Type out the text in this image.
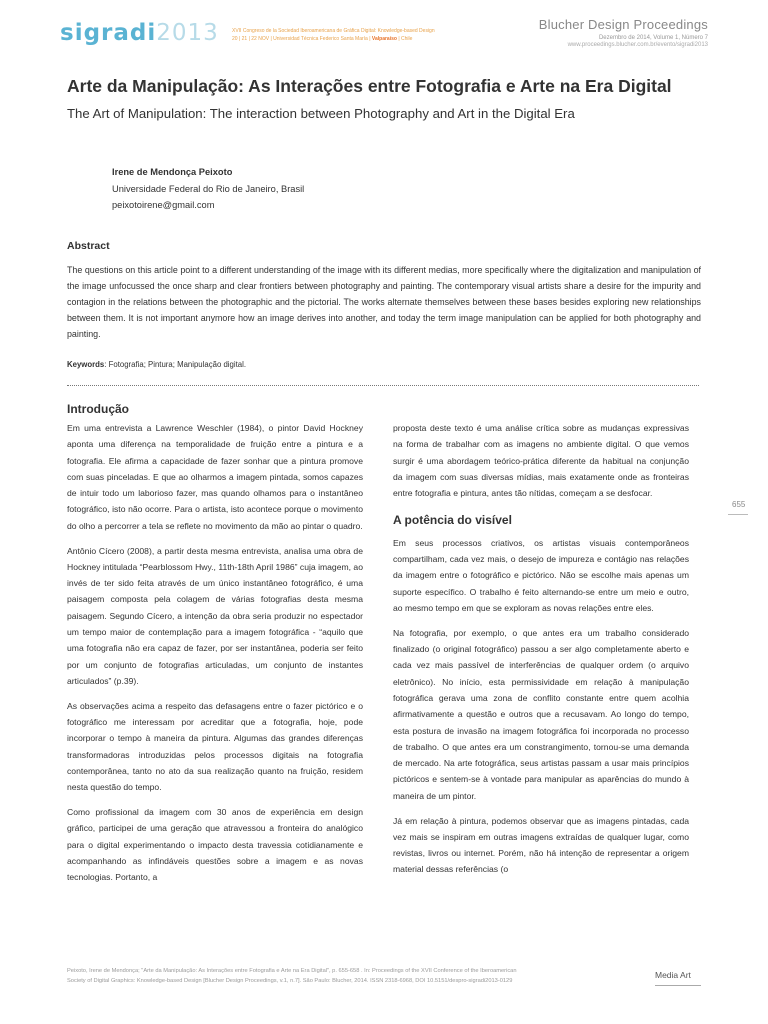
sigradi2013	XVII Congreso de la Sociedad Iberoamericana de Gráfica Digital: Knowledge-based Design
20 | 21 | 22 NOV | Universidad Técnica Federico Santa María | Valparaíso | Chile
Blucher Design Proceedings
Dezembro de 2014, Volume 1, Número 7
www.proceedings.blucher.com.br/evento/sigradi2013
Arte da Manipulação: As Interações entre Fotografia e Arte na Era Digital
The Art of Manipulation: The interaction between Photography and Art in the Digital Era
Irene de Mendonça Peixoto
Universidade Federal do Rio de Janeiro, Brasil
peixotoirene@gmail.com
Abstract
The questions on this article point to a different understanding of the image with its different medias, more specifically where the digitalization and manipulation of the image unfocussed the once sharp and clear frontiers between photography and painting. The contemporary visual artists share a desire for the impurity and contagion in the relations between the photographic and the pictorial. The works alternate themselves between these bases besides exploring new relationships between them. It is not important anymore how an image derives into another, and today the term image manipulation can be applied for both photography and painting.
Keywords: Fotografia; Pintura; Manipulação digital.
Introdução

Em uma entrevista a Lawrence Weschler (1984), o pintor David Hockney aponta uma diferença na temporalidade de fruição entre a pintura e a fotografia. Ele afirma a capacidade de fazer sonhar que a pintura promove com suas pinceladas. E que ao olharmos a imagem pintada, somos capazes de intuir todo um laborioso fazer, mas quando olhamos para o instantâneo fotográfico, isto não ocorre. Para o artista, isto acontece porque o movimento do olho a percorrer a tela se reflete no movimento da mão ao pintar o quadro.

Antônio Cícero (2008), a partir desta mesma entrevista, analisa uma obra de Hockney intitulada “Pearblossom Hwy., 11th-18th April 1986” cuja imagem, ao invés de ter sido feita através de um único instantâneo fotográfico, é uma paisagem composta pela colagem de várias fotografias desta mesma paisagem. Segundo Cícero, a intenção da obra seria produzir no espectador um tempo maior de contemplação para a imagem fotográfica - “aquilo que uma fotografia não era capaz de fazer, por ser instantânea, poderia ser feito por um conjunto de fotografias articuladas, um conjunto de instantes articulados” (p.39).

As observações acima a respeito das defasagens entre o fazer pictórico e o fotográfico me interessam por acreditar que a fotografia, hoje, pode incorporar o tempo à maneira da pintura. Algumas das grandes diferenças transformadoras introduzidas pelos processos digitais na fotografia contemporânea, tanto no ato da sua realização quanto na fruição, residem nesta questão do tempo.

Como profissional da imagem com 30 anos de experiência em design gráfico, participei de uma geração que atravessou a fronteira do analógico para o digital experimentando o impacto desta travessia cotidianamente e acompanhando as infindáveis questões sobre a imagem e as novas tecnologias. Portanto, a

proposta deste texto é uma análise crítica sobre as mudanças expressivas na forma de trabalhar com as imagens no ambiente digital. O que vemos surgir é uma abordagem teórico-prática diferente da habitual na conjunção da imagem com suas diversas mídias, mais exatamente onde as fronteiras entre fotografia e pintura, antes tão nítidas, começam a se desfocar.

A potência do visível

Em seus processos criativos, os artistas visuais contemporâneos compartilham, cada vez mais, o desejo de impureza e contágio nas relações da imagem entre o fotográfico e pictórico. Não se escolhe mais apenas um suporte específico. O trabalho é feito alternando-se entre um meio e outro, ao mesmo tempo em que se exploram as novas relações entre eles.

Na fotografia, por exemplo, o que antes era um trabalho considerado finalizado (o original fotográfico) passou a ser algo completamente aberto e cada vez mais passível de interferências de qualquer ordem (o arquivo eletrônico). No início, esta permissividade em relação à manipulação fotográfica gerava uma zona de conflito constante entre quem acolhia afirmativamente a questão e outros que a recusavam. Ao longo do tempo, esta postura de invasão na imagem fotográfica foi incorporada no processo de trabalho. O que antes era um constrangimento, tornou-se uma demanda de mercado. Na arte fotográfica, seus artistas passam a usar mais princípios pictóricos e sentem-se à vontade para manipular as aparências do mundo à maneira de um pintor.

Já em relação à pintura, podemos observar que as imagens pintadas, cada vez mais se inspiram em outras imagens extraídas de qualquer lugar, como revistas, livros ou internet. Porém, não há intenção de representar a origem material dessas referências (o

655
Peixoto, Irene de Mendonça; "Arte da Manipulação: As Interações entre Fotografia e Arte na Era Digital", p. 655-658 . In: Proceedings of the XVII Conference of the Iberoamerican Society of Digital Graphics: Knowledge-based Design [Blucher Design Proceedings, v.1, n.7]. São Paulo: Blucher, 2014. ISSN 2318-6968, DOI 10.5151/despro-sigradi2013-0129
Media Art
